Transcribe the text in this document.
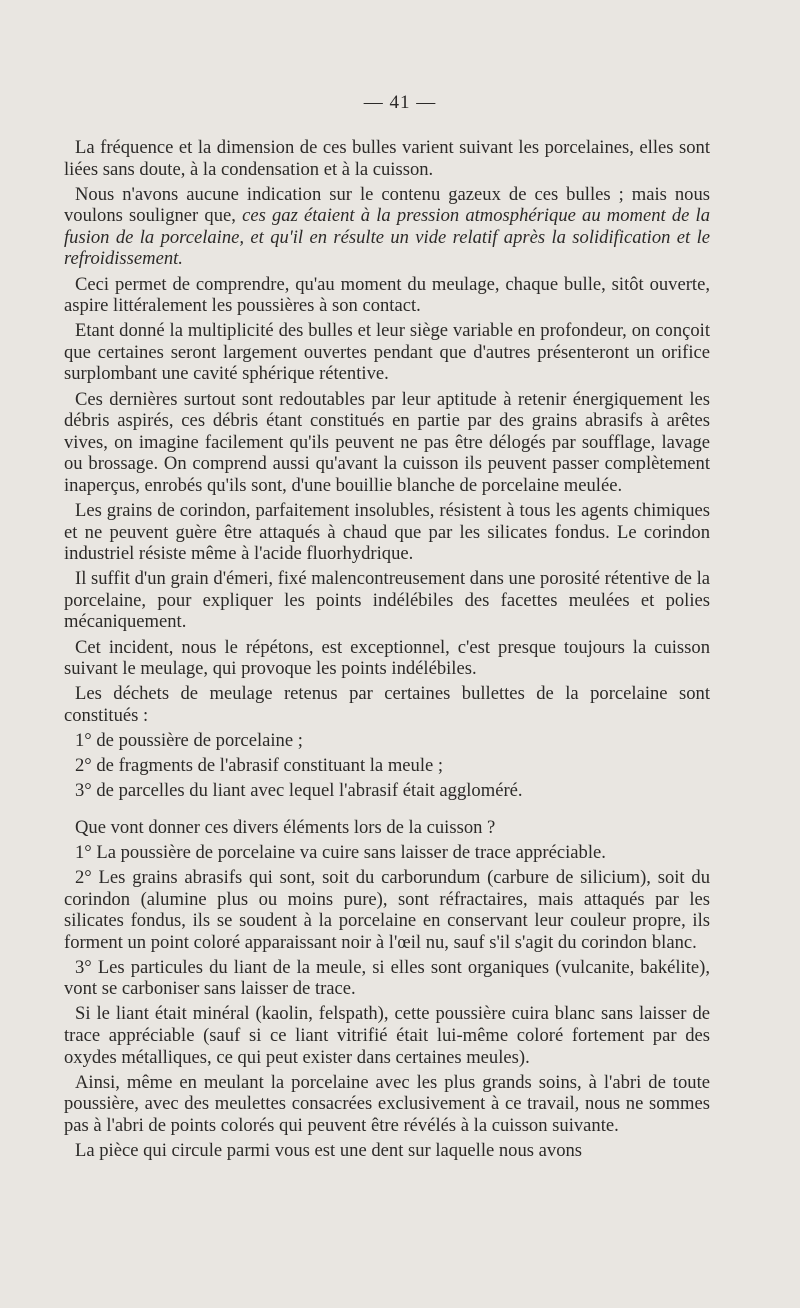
— 41 —

La fréquence et la dimension de ces bulles varient suivant les porcelaines, elles sont liées sans doute, à la condensation et à la cuisson.

Nous n'avons aucune indication sur le contenu gazeux de ces bulles ; mais nous voulons souligner que, ces gaz étaient à la pression atmosphérique au moment de la fusion de la porcelaine, et qu'il en résulte un vide relatif après la solidification et le refroidissement.

Ceci permet de comprendre, qu'au moment du meulage, chaque bulle, sitôt ouverte, aspire littéralement les poussières à son contact.

Etant donné la multiplicité des bulles et leur siège variable en profondeur, on conçoit que certaines seront largement ouvertes pendant que d'autres présenteront un orifice surplombant une cavité sphérique rétentive.

Ces dernières surtout sont redoutables par leur aptitude à retenir énergiquement les débris aspirés, ces débris étant constitués en partie par des grains abrasifs à arêtes vives, on imagine facilement qu'ils peuvent ne pas être délogés par soufflage, lavage ou brossage. On comprend aussi qu'avant la cuisson ils peuvent passer complètement inaperçus, enrobés qu'ils sont, d'une bouillie blanche de porcelaine meulée.

Les grains de corindon, parfaitement insolubles, résistent à tous les agents chimiques et ne peuvent guère être attaqués à chaud que par les silicates fondus. Le corindon industriel résiste même à l'acide fluorhydrique.

Il suffit d'un grain d'émeri, fixé malencontreusement dans une porosité rétentive de la porcelaine, pour expliquer les points indélébiles des facettes meulées et polies mécaniquement.

Cet incident, nous le répétons, est exceptionnel, c'est presque toujours la cuisson suivant le meulage, qui provoque les points indélébiles.

Les déchets de meulage retenus par certaines bullettes de la porcelaine sont constitués :

1° de poussière de porcelaine ;

2° de fragments de l'abrasif constituant la meule ;

3° de parcelles du liant avec lequel l'abrasif était aggloméré.

Que vont donner ces divers éléments lors de la cuisson ?

1° La poussière de porcelaine va cuire sans laisser de trace appréciable.

2° Les grains abrasifs qui sont, soit du carborundum (carbure de silicium), soit du corindon (alumine plus ou moins pure), sont réfractaires, mais attaqués par les silicates fondus, ils se soudent à la porcelaine en conservant leur couleur propre, ils forment un point coloré apparaissant noir à l'œil nu, sauf s'il s'agit du corindon blanc.

3° Les particules du liant de la meule, si elles sont organiques (vulcanite, bakélite), vont se carboniser sans laisser de trace.

Si le liant était minéral (kaolin, felspath), cette poussière cuira blanc sans laisser de trace appréciable (sauf si ce liant vitrifié était lui-même coloré fortement par des oxydes métalliques, ce qui peut exister dans certaines meules).

Ainsi, même en meulant la porcelaine avec les plus grands soins, à l'abri de toute poussière, avec des meulettes consacrées exclusivement à ce travail, nous ne sommes pas à l'abri de points colorés qui peuvent être révélés à la cuisson suivante.

La pièce qui circule parmi vous est une dent sur laquelle nous avons
